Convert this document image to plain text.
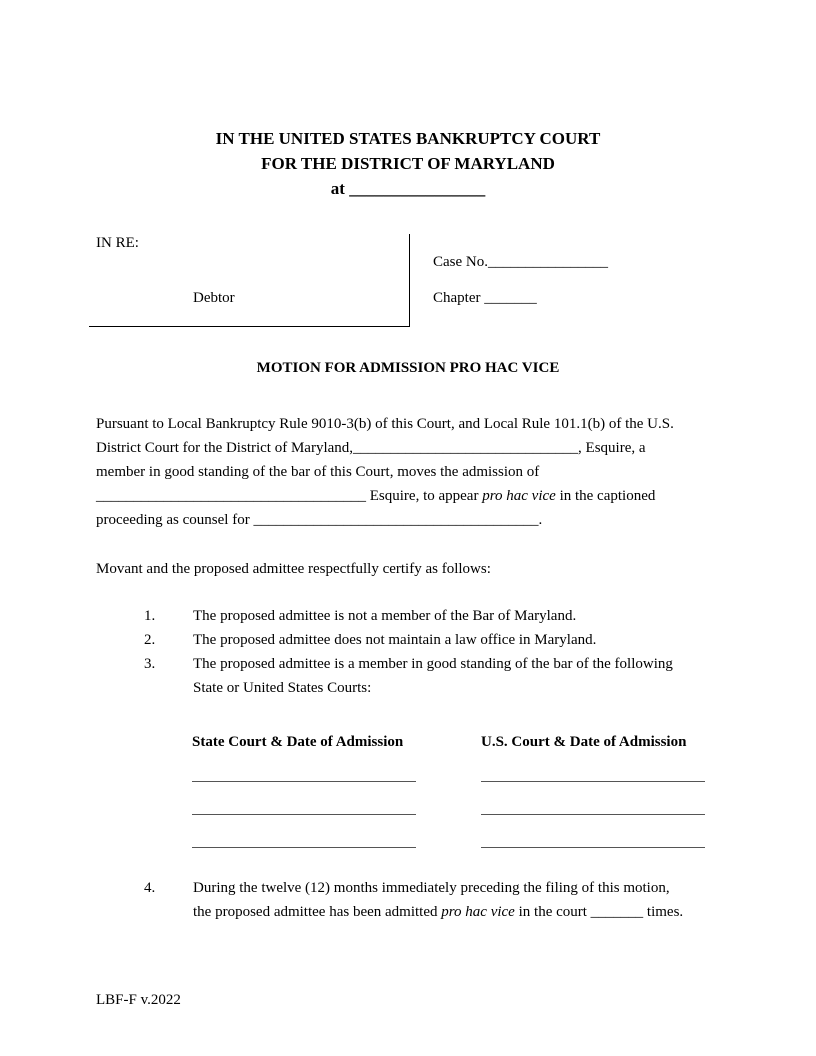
IN THE UNITED STATES BANKRUPTCY COURT
FOR THE DISTRICT OF MARYLAND
at ________________
IN RE:
Debtor
Case No.________________
Chapter _______
MOTION FOR ADMISSION PRO HAC VICE
Pursuant to Local Bankruptcy Rule 9010-3(b) of this Court, and Local Rule 101.1(b) of the U.S.
District Court for the District of Maryland,______________________________, Esquire, a
member in good standing of the bar of this Court, moves the admission of
____________________________________ Esquire, to appear pro hac vice in the captioned
proceeding as counsel for ______________________________________.
Movant and the proposed admittee respectfully certify as follows:
1.	The proposed admittee is not a member of the Bar of Maryland.
2.	The proposed admittee does not maintain a law office in Maryland.
3.	The proposed admittee is a member in good standing of the bar of the following
State or United States Courts:
State Court & Date of Admission	U.S. Court & Date of Admission
4.	During the twelve (12) months immediately preceding the filing of this motion,
the proposed admittee has been admitted pro hac vice in the court _______ times.
LBF-F v.2022
